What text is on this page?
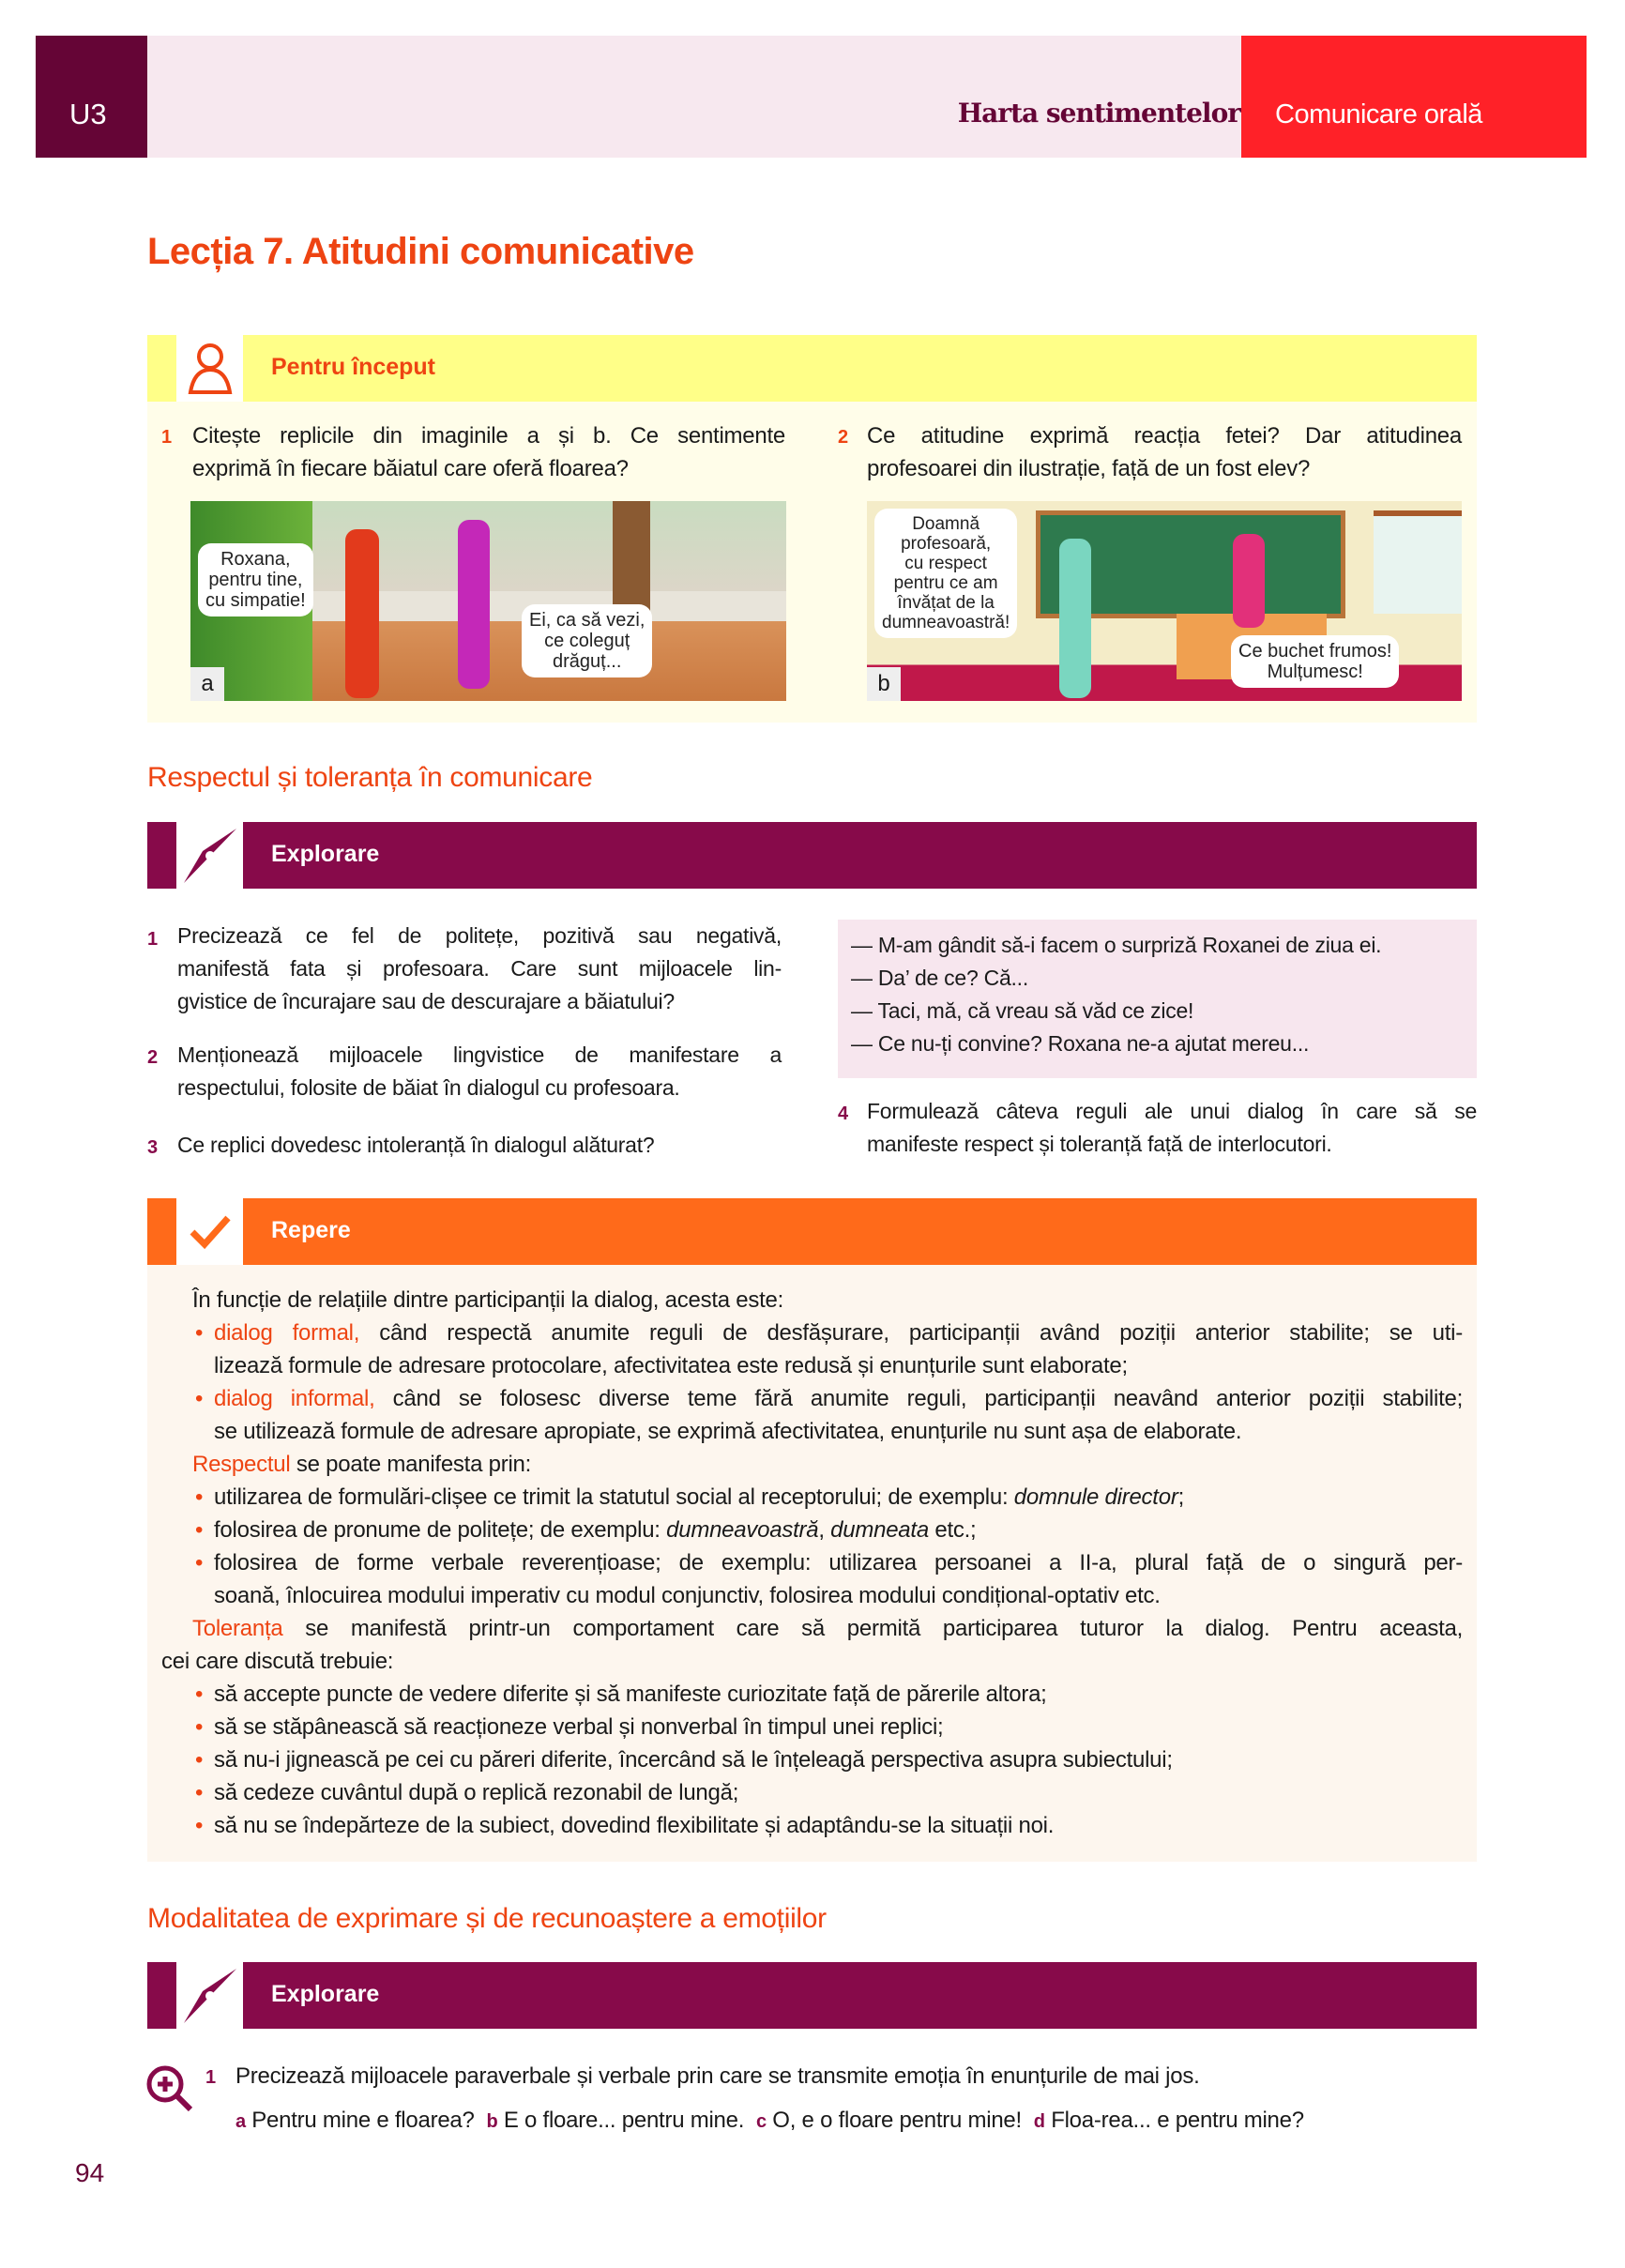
U3	Harta sentimentelor	Comunicare orală
Lecția 7. Atitudini comunicative
Pentru început
1 Citește replicile din imaginile a și b. Ce sentimente
exprimă în fiecare băiatul care oferă floarea?
2 Ce atitudine exprimă reacția fetei? Dar atitudinea
profesoarei din ilustrație, față de un fost elev?
Roxana,
pentru tine,
cu simpatie!
Ei, ca să vezi,
ce coleguț
drăguț...
a
Doamnă
profesoară,
cu respect
pentru ce am
învățat de la
dumneavoastră!
Ce buchet frumos!
Mulțumesc!
b
Respectul și toleranța în comunicare
Explorare
1 Precizează ce fel de politețe, pozitivă sau negativă,
manifestă fata și profesoara. Care sunt mijloacele lin-
gvistice de încurajare sau de descurajare a băiatului?
2 Menționează mijloacele lingvistice de manifestare a
respectului, folosite de băiat în dialogul cu profesoara.
3 Ce replici dovedesc intoleranță în dialogul alăturat?
— M-am gândit să-i facem o surpriză Roxanei de ziua ei.
— Da’ de ce? Că...
— Taci, mă, că vreau să văd ce zice!
— Ce nu-ți convine? Roxana ne-a ajutat mereu...
4 Formulează câteva reguli ale unui dialog în care să se
manifeste respect și toleranță față de interlocutori.
Repere
În funcție de relațiile dintre participanții la dialog, acesta este:
• dialog formal, când respectă anumite reguli de desfășurare, participanții având poziții anterior stabilite; se uti-
lizează formule de adresare protocolare, afectivitatea este redusă și enunțurile sunt elaborate;
• dialog informal, când se folosesc diverse teme fără anumite reguli, participanții neavând anterior poziții stabilite;
se utilizează formule de adresare apropiate, se exprimă afectivitatea, enunțurile nu sunt așa de elaborate.
Respectul se poate manifesta prin:
• utilizarea de formulări-clișee ce trimit la statutul social al receptorului; de exemplu: domnule director;
• folosirea de pronume de politețe; de exemplu: dumneavoastră, dumneata etc.;
• folosirea de forme verbale reverențioase; de exemplu: utilizarea persoanei a II-a, plural față de o singură per-
soană, înlocuirea modului imperativ cu modul conjunctiv, folosirea modului condițional-optativ etc.
Toleranța se manifestă printr-un comportament care să permită participarea tuturor la dialog. Pentru aceasta,
cei care discută trebuie:
• să accepte puncte de vedere diferite și să manifeste curiozitate față de părerile altora;
• să se stăpânească să reacționeze verbal și nonverbal în timpul unei replici;
• să nu-i jignească pe cei cu păreri diferite, încercând să le înțeleagă perspectiva asupra subiectului;
• să cedeze cuvântul după o replică rezonabil de lungă;
• să nu se îndepărteze de la subiect, dovedind flexibilitate și adaptându-se la situații noi.
Modalitatea de exprimare și de recunoaștere a emoțiilor
Explorare
1 Precizează mijloacele paraverbale și verbale prin care se transmite emoția în enunțurile de mai jos.
a Pentru mine e floarea? b E o floare... pentru mine. c O, e o floare pentru mine! d Floa-rea... e pentru mine?
94
